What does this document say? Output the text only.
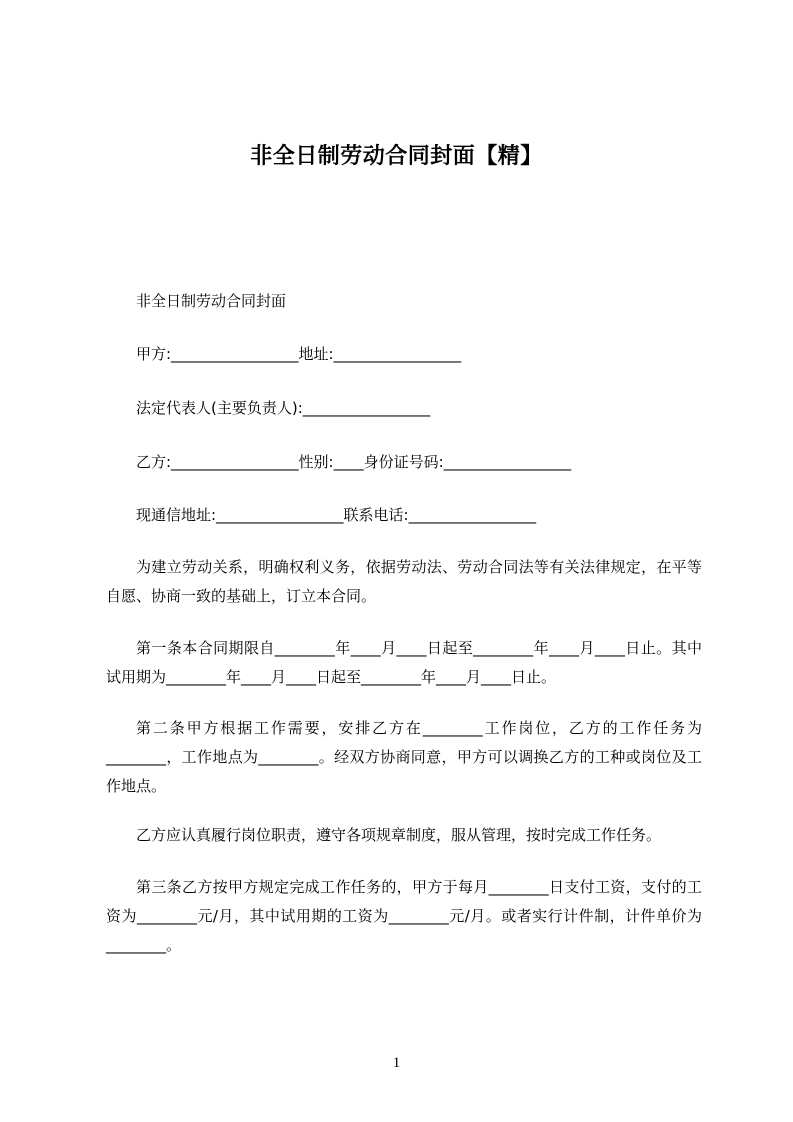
非全日制劳动合同封面【精】
非全日制劳动合同封面
甲方:_________________地址:_________________
法定代表人(主要负责人):_________________
乙方:_________________性别:____身份证号码:_________________
现通信地址:_________________联系电话:_________________
为建立劳动关系，明确权利义务，依据劳动法、劳动合同法等有关法律规定，在平等自愿、协商一致的基础上，订立本合同。
第一条本合同期限自________年____月____日起至________年____月____日止。其中试用期为________年____月____日起至________年____月____日止。
第二条甲方根据工作需要，安排乙方在________工作岗位，乙方的工作任务为________，工作地点为________。经双方协商同意，甲方可以调换乙方的工种或岗位及工作地点。
乙方应认真履行岗位职责，遵守各项规章制度，服从管理，按时完成工作任务。
第三条乙方按甲方规定完成工作任务的，甲方于每月________日支付工资，支付的工资为________元/月，其中试用期的工资为________元/月。或者实行计件制，计件单价为________。
1
